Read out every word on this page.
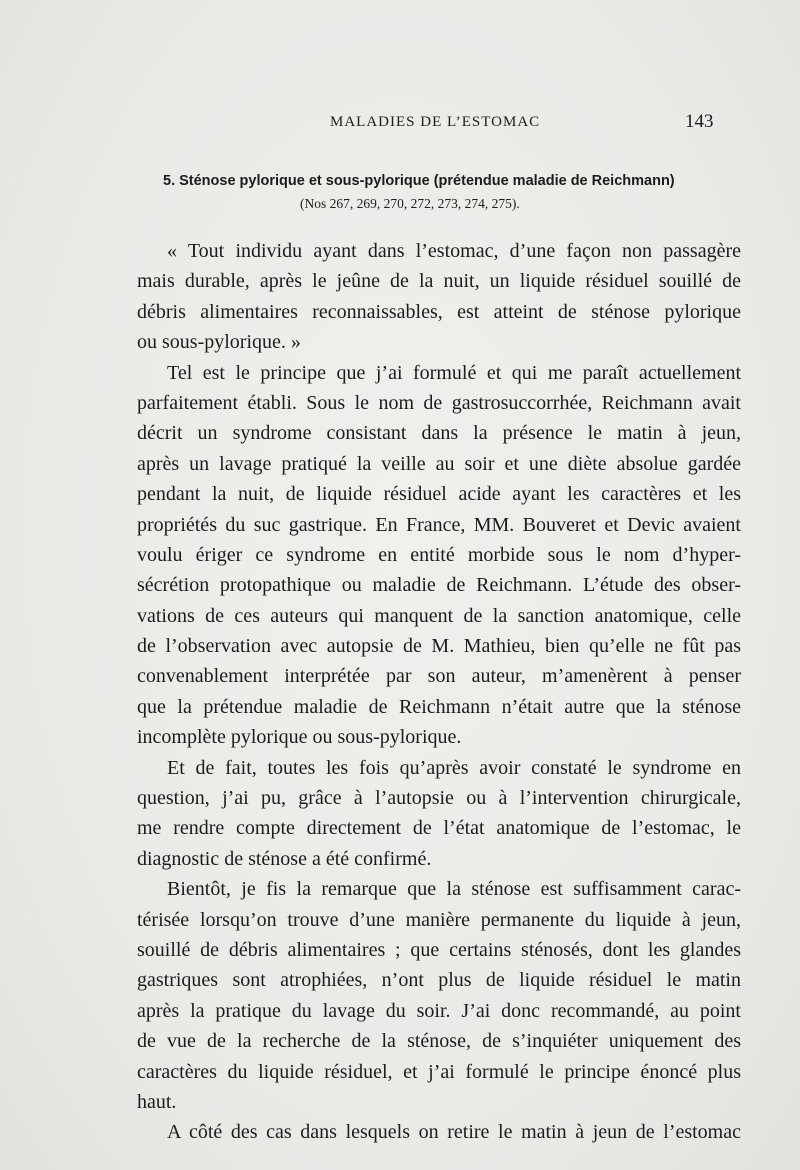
MALADIES DE L’ESTOMAC	143
5. Sténose pylorique et sous-pylorique (prétendue maladie de Reichmann)
(Nos 267, 269, 270, 272, 273, 274, 275).
« Tout individu ayant dans l’estomac, d’une façon non passagère
mais durable, après le jeûne de la nuit, un liquide résiduel souillé de
débris alimentaires reconnaissables, est atteint de sténose pylorique
ou sous-pylorique. »
Tel est le principe que j’ai formulé et qui me paraît actuellement
parfaitement établi. Sous le nom de gastrosuccorrhée, Reichmann avait
décrit un syndrome consistant dans la présence le matin à jeun,
après un lavage pratiqué la veille au soir et une diète absolue gardée
pendant la nuit, de liquide résiduel acide ayant les caractères et les
propriétés du suc gastrique. En France, MM. Bouveret et Devic avaient
voulu ériger ce syndrome en entité morbide sous le nom d’hyper-
sécrétion protopathique ou maladie de Reichmann. L’étude des obser-
vations de ces auteurs qui manquent de la sanction anatomique, celle
de l’observation avec autopsie de M. Mathieu, bien qu’elle ne fût pas
convenablement interprétée par son auteur, m’amenèrent à penser
que la prétendue maladie de Reichmann n’était autre que la sténose
incomplète pylorique ou sous-pylorique.
Et de fait, toutes les fois qu’après avoir constaté le syndrome en
question, j’ai pu, grâce à l’autopsie ou à l’intervention chirurgicale,
me rendre compte directement de l’état anatomique de l’estomac, le
diagnostic de sténose a été confirmé.
Bientôt, je fis la remarque que la sténose est suffisamment carac-
térisée lorsqu’on trouve d’une manière permanente du liquide à jeun,
souillé de débris alimentaires ; que certains sténosés, dont les glandes
gastriques sont atrophiées, n’ont plus de liquide résiduel le matin
après la pratique du lavage du soir. J’ai donc recommandé, au point
de vue de la recherche de la sténose, de s’inquiéter uniquement des
caractères du liquide résiduel, et j’ai formulé le principe énoncé plus
haut.
A côté des cas dans lesquels on retire le matin à jeun de l’estomac
